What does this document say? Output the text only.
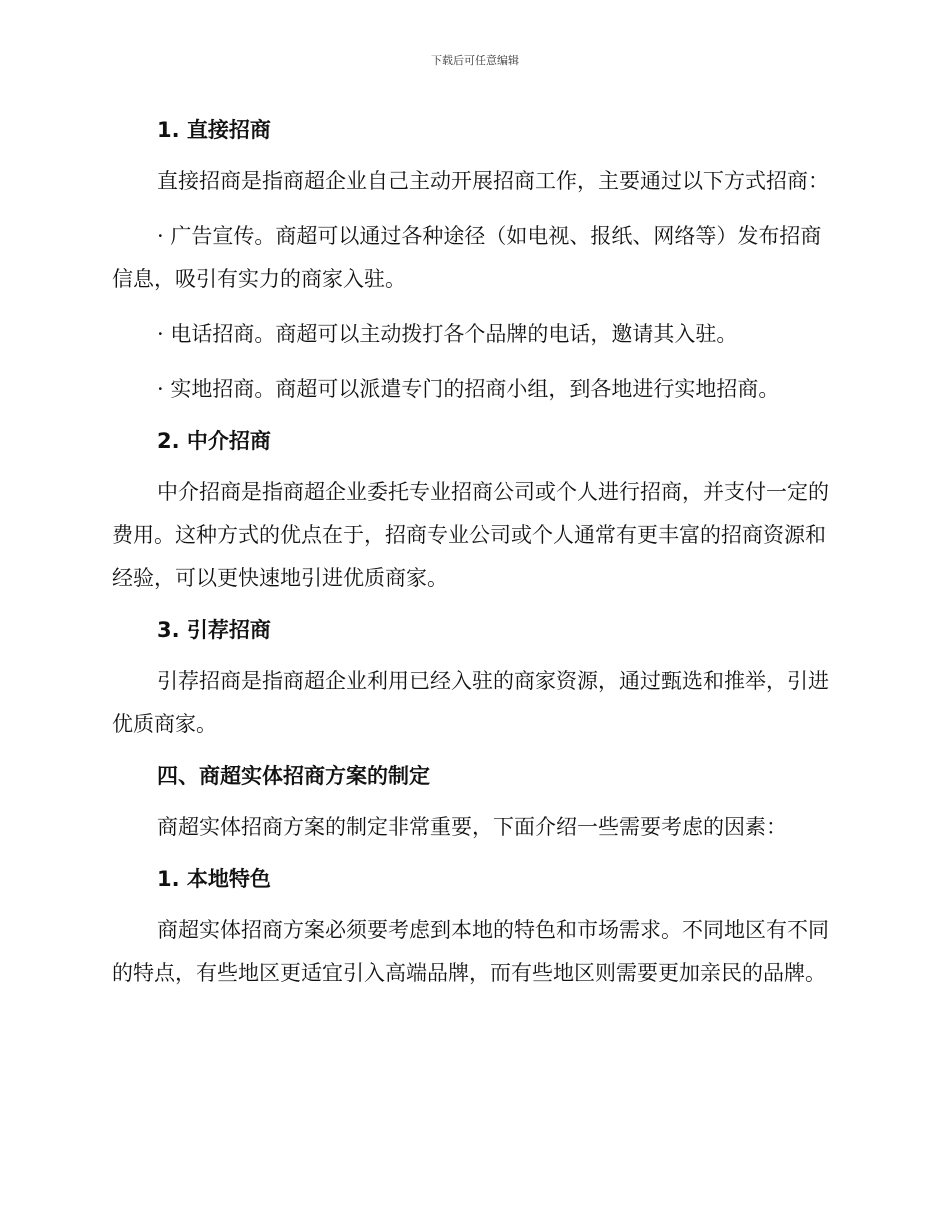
下载后可任意编辑

1. 直接招商

直接招商是指商超企业自己主动开展招商工作，主要通过以下方式招商：

· 广告宣传。商超可以通过各种途径（如电视、报纸、网络等）发布招商信息，吸引有实力的商家入驻。

· 电话招商。商超可以主动拨打各个品牌的电话，邀请其入驻。

· 实地招商。商超可以派遣专门的招商小组，到各地进行实地招商。

2. 中介招商

中介招商是指商超企业委托专业招商公司或个人进行招商，并支付一定的费用。这种方式的优点在于，招商专业公司或个人通常有更丰富的招商资源和经验，可以更快速地引进优质商家。

3. 引荐招商

引荐招商是指商超企业利用已经入驻的商家资源，通过甄选和推举，引进优质商家。

四、商超实体招商方案的制定

商超实体招商方案的制定非常重要，下面介绍一些需要考虑的因素：

1. 本地特色

商超实体招商方案必须要考虑到本地的特色和市场需求。不同地区有不同的特点，有些地区更适宜引入高端品牌，而有些地区则需要更加亲民的品牌。
